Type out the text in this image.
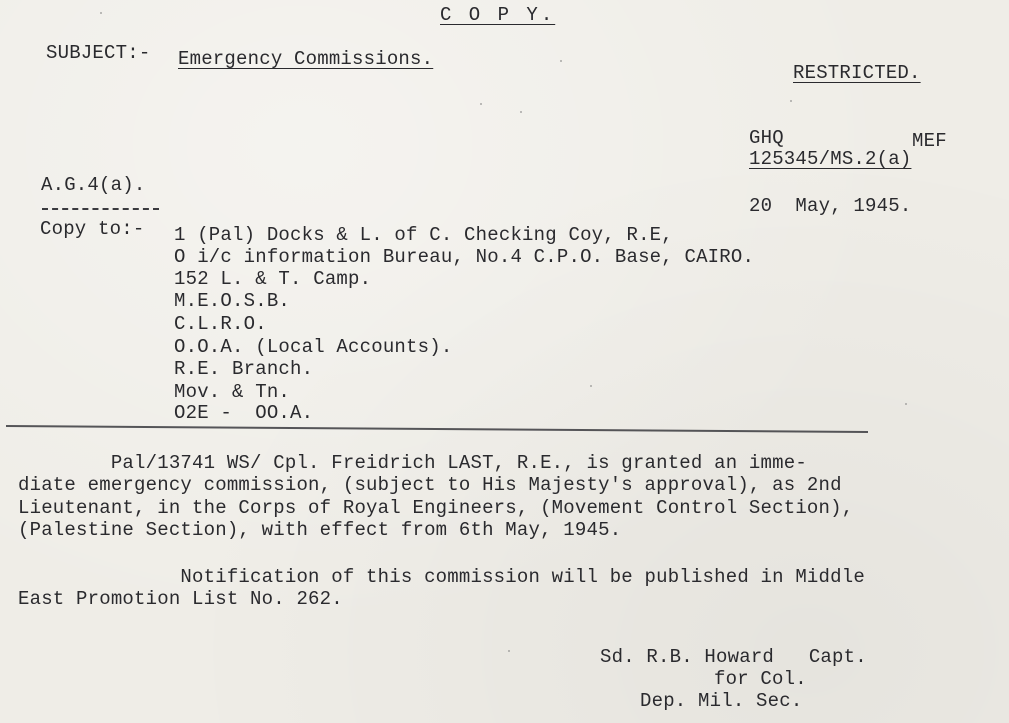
C O P Y.
SUBJECT:- Emergency Commissions.
RESTRICTED.
GHQ	MEF
125345/MS.2(a)
A.G.4(a).
20  May, 1945.
Copy to:- 1 (Pal) Docks & L. of C. Checking Coy, R.E,
O i/c information Bureau, No.4 C.P.O. Base, CAIRO.
152 L. & T. Camp.
M.E.O.S.B.
C.L.R.O.
O.O.A. (Local Accounts).
R.E. Branch.
Mov. & Tn.
O2E -  OO.A.
Pal/13741 WS/ Cpl. Freidrich LAST, R.E., is granted an imme-
diate emergency commission, (subject to His Majesty's approval), as 2nd
Lieutenant, in the Corps of Royal Engineers, (Movement Control Section),
(Palestine Section), with effect from 6th May, 1945.
Notification of this commission will be published in Middle
East Promotion List No. 262.
Sd. R.B. Howard   Capt.
for Col.
Dep. Mil. Sec.
